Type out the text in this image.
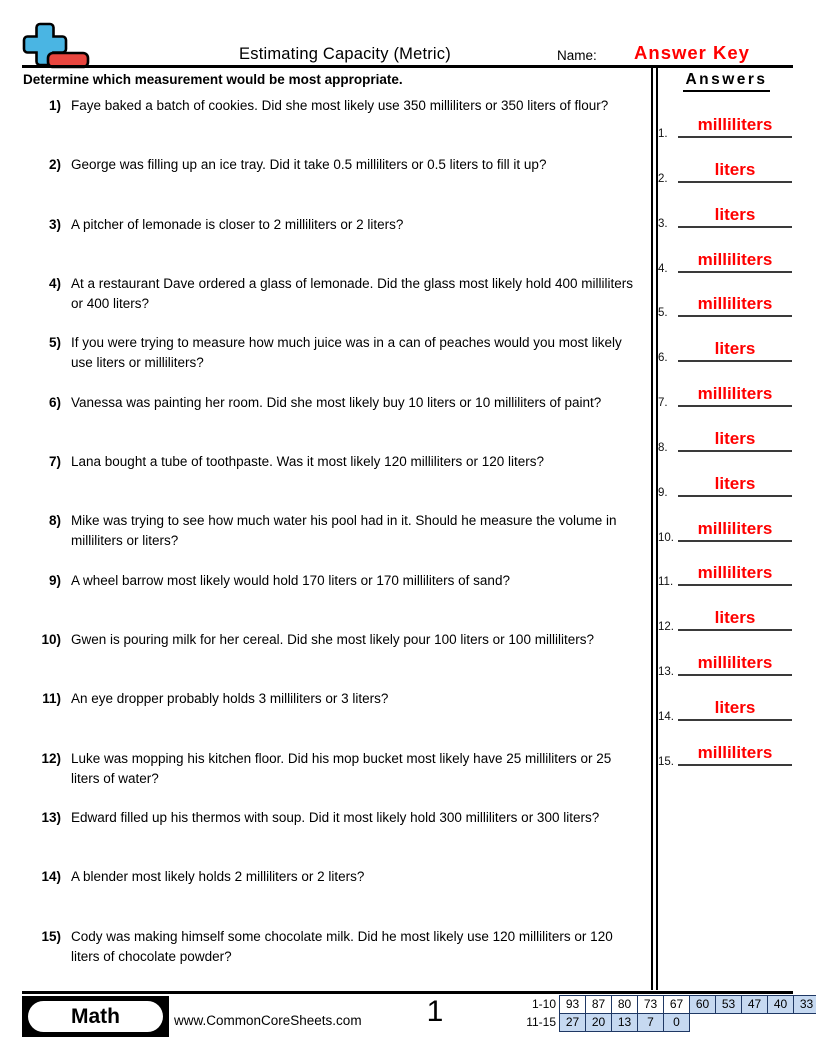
Estimating Capacity (Metric)	Name:	Answer Key
Determine which measurement would be most appropriate.	Answers
1.	milliliters
2.	liters
3.	liters
4.	milliliters
5.	milliliters
6.	liters
7.	milliliters
8.	liters
9.	liters
10.	milliliters
11.	milliliters
12.	liters
13.	milliliters
14.	liters
15.	milliliters
1) Faye baked a batch of cookies. Did she most likely use 350 milliliters or 350 liters of flour?
2) George was filling up an ice tray. Did it take 0.5 milliliters or 0.5 liters to fill it up?
3) A pitcher of lemonade is closer to 2 milliliters or 2 liters?
4) At a restaurant Dave ordered a glass of lemonade. Did the glass most likely hold 400 milliliters or 400 liters?
5) If you were trying to measure how much juice was in a can of peaches would you most likely use liters or milliliters?
6) Vanessa was painting her room. Did she most likely buy 10 liters or 10 milliliters of paint?
7) Lana bought a tube of toothpaste. Was it most likely 120 milliliters or 120 liters?
8) Mike was trying to see how much water his pool had in it. Should he measure the volume in milliliters or liters?
9) A wheel barrow most likely would hold 170 liters or 170 milliliters of sand?
10) Gwen is pouring milk for her cereal. Did she most likely pour 100 liters or 100 milliliters?
11) An eye dropper probably holds 3 milliliters or 3 liters?
12) Luke was mopping his kitchen floor. Did his mop bucket most likely have 25 milliliters or 25 liters of water?
13) Edward filled up his thermos with soup. Did it most likely hold 300 milliliters or 300 liters?
14) A blender most likely holds 2 milliliters or 2 liters?
15) Cody was making himself some chocolate milk. Did he most likely use 120 milliliters or 120 liters of chocolate powder?
Math	www.CommonCoreSheets.com	1	1-10 93	87	80	73	67	60	53	47	40	33
11-15 27	20	13	7	0
